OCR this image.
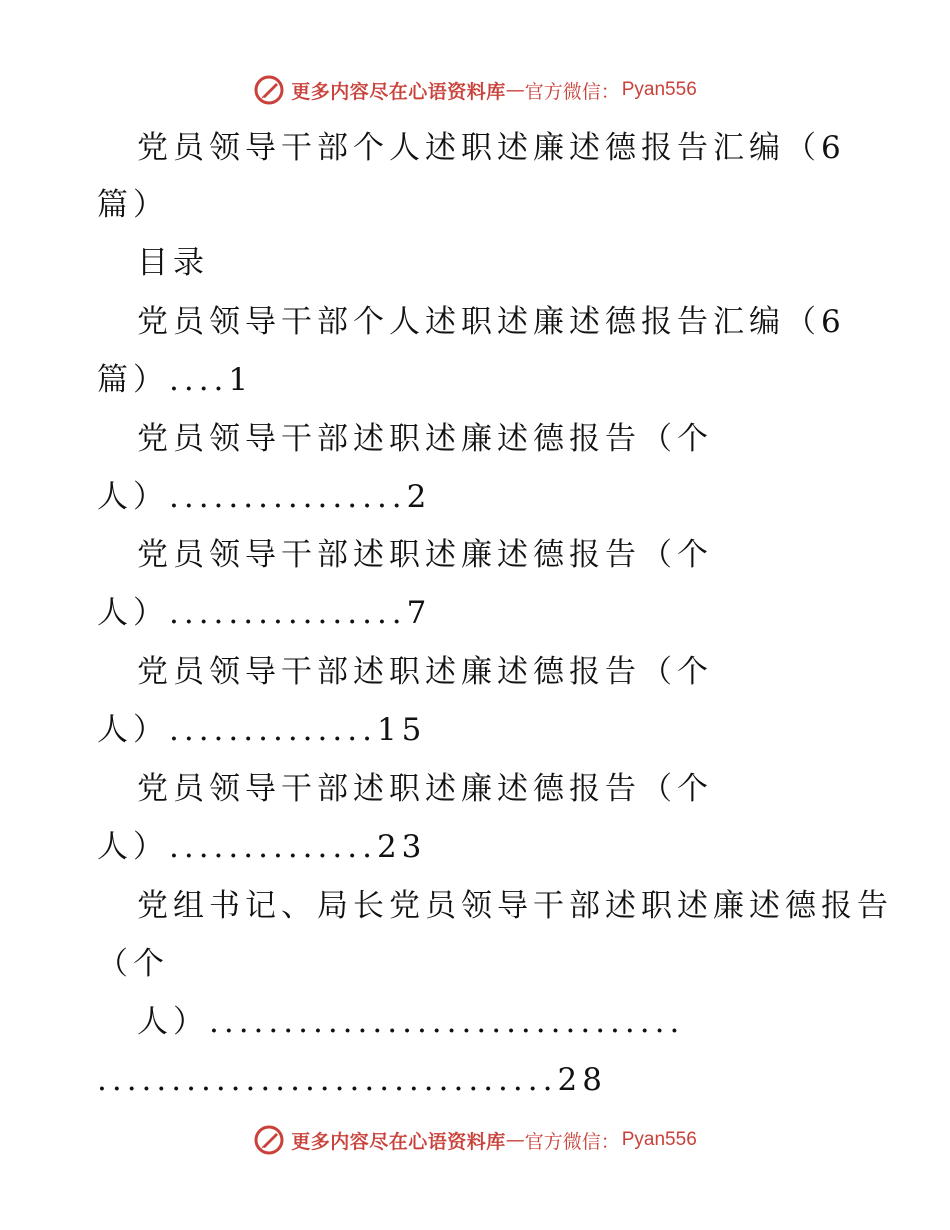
更多内容尽在心语资料库 — 官方微信： Pyan556
党员领导干部个人述职述廉述德报告汇编（6
篇）
目录
党员领导干部个人述职述廉述德报告汇编（6
篇）....1
党员领导干部述职述廉述德报告（个
人）................2
党员领导干部述职述廉述德报告（个
人）................7
党员领导干部述职述廉述德报告（个
人）..............15
党员领导干部述职述廉述德报告（个
人）..............23
党组书记、局长党员领导干部述职述廉述德报告
（个
人）................................
...............................28
更多内容尽在心语资料库 — 官方微信： Pyan556
